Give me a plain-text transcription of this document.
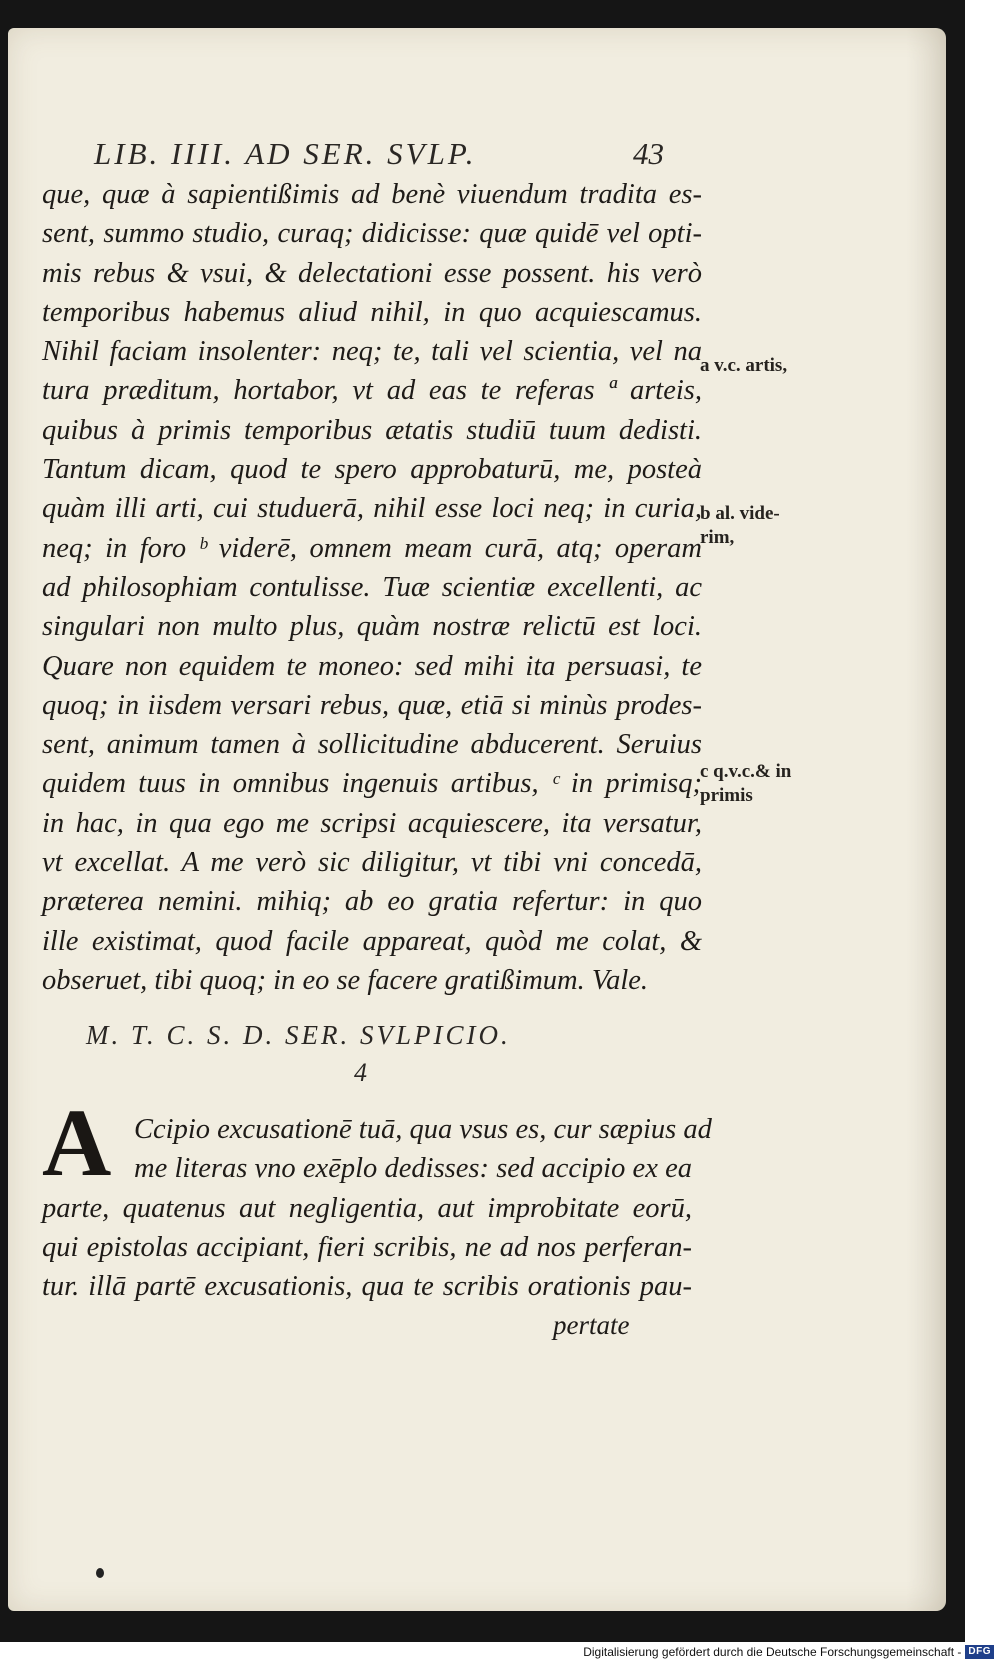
LIB. IIII. AD SER. SVLP.	43
que, quæ à sapientißimis ad benè viuendum tradita es-
sent, summo studio, curaq; didicisse: quæ quidē vel opti-
mis rebus & vsui, & delectationi esse possent. his verò
temporibus habemus aliud nihil, in quo acquiescamus.
Nihil faciam insolenter: neq; te, tali vel scientia, vel na
tura præditum, hortabor, vt ad eas te referas ª arteis,
quibus à primis temporibus ætatis studiū tuum dedisti.
Tantum dicam, quod te spero approbaturū, me, posteà
quàm illi arti, cui studuerā, nihil esse loci neq; in curia,
neq; in foro ᵇ viderē, omnem meam curā, atq; operam
ad philosophiam contulisse. Tuæ scientiæ excellenti, ac
singulari non multo plus, quàm nostræ relictū est loci.
Quare non equidem te moneo: sed mihi ita persuasi, te
quoq; in iisdem versari rebus, quæ, etiā si minùs prodes-
sent, animum tamen à sollicitudine abducerent. Seruius
quidem tuus in omnibus ingenuis artibus, ᶜ in primisq;
in hac, in qua ego me scripsi acquiescere, ita versatur,
vt excellat. A me verò sic diligitur, vt tibi vni concedā,
præterea nemini. mihiq; ab eo gratia refertur: in quo
ille existimat, quod facile appareat, quòd me colat, &
obseruet, tibi quoq; in eo se facere gratißimum. Vale.
a v.c. artis,
b al. vide-
rim,
c q.v.c.& in
primis
M. T. C. S. D. SER. SVLPICIO.
4
A Ccipio excusationē tuā, qua vsus es, cur sæpius ad
me literas vno exēplo dedisses: sed accipio ex ea
parte, quatenus aut negligentia, aut improbitate eorū,
qui epistolas accipiant, fieri scribis, ne ad nos perferan-
tur. illā partē excusationis, qua te scribis orationis pau-
pertate
Digitalisierung gefördert durch die Deutsche Forschungsgemeinschaft - DFG
